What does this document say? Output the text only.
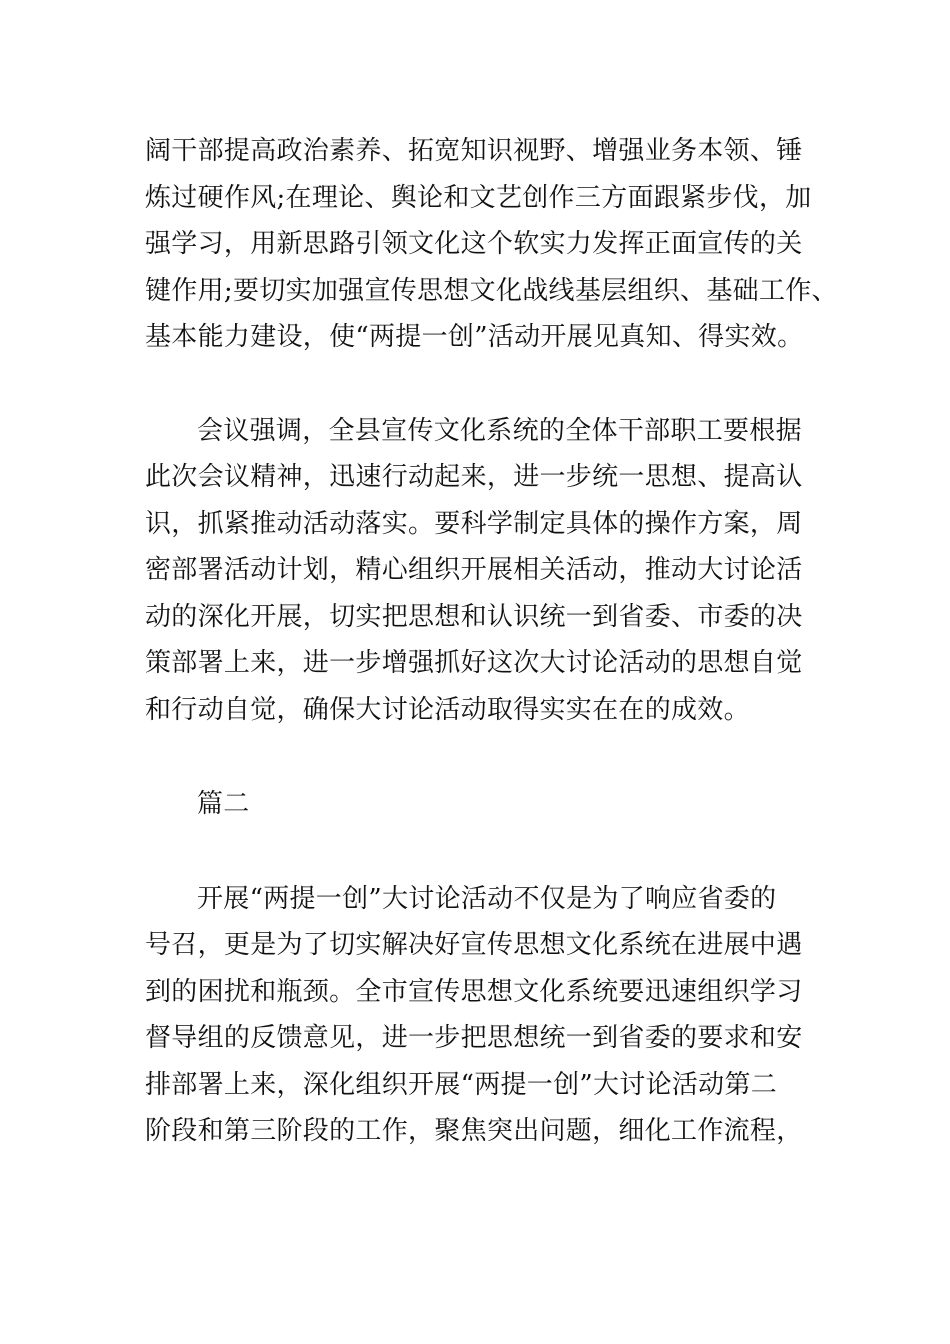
阔干部提高政治素养、拓宽知识视野、增强业务本领、锤
炼过硬作风;在理论、舆论和文艺创作三方面跟紧步伐，加
强学习，用新思路引领文化这个软实力发挥正面宣传的关
键作用;要切实加强宣传思想文化战线基层组织、基础工作、
基本能力建设，使“两提一创”活动开展见真知、得实效。
会议强调，全县宣传文化系统的全体干部职工要根据
此次会议精神，迅速行动起来，进一步统一思想、提高认
识，抓紧推动活动落实。要科学制定具体的操作方案，周
密部署活动计划，精心组织开展相关活动，推动大讨论活
动的深化开展，切实把思想和认识统一到省委、市委的决
策部署上来，进一步增强抓好这次大讨论活动的思想自觉
和行动自觉，确保大讨论活动取得实实在在的成效。
篇二
开展“两提一创”大讨论活动不仅是为了响应省委的
号召，更是为了切实解决好宣传思想文化系统在进展中遇
到的困扰和瓶颈。全市宣传思想文化系统要迅速组织学习
督导组的反馈意见，进一步把思想统一到省委的要求和安
排部署上来，深化组织开展“两提一创”大讨论活动第二
阶段和第三阶段的工作，聚焦突出问题，细化工作流程，
